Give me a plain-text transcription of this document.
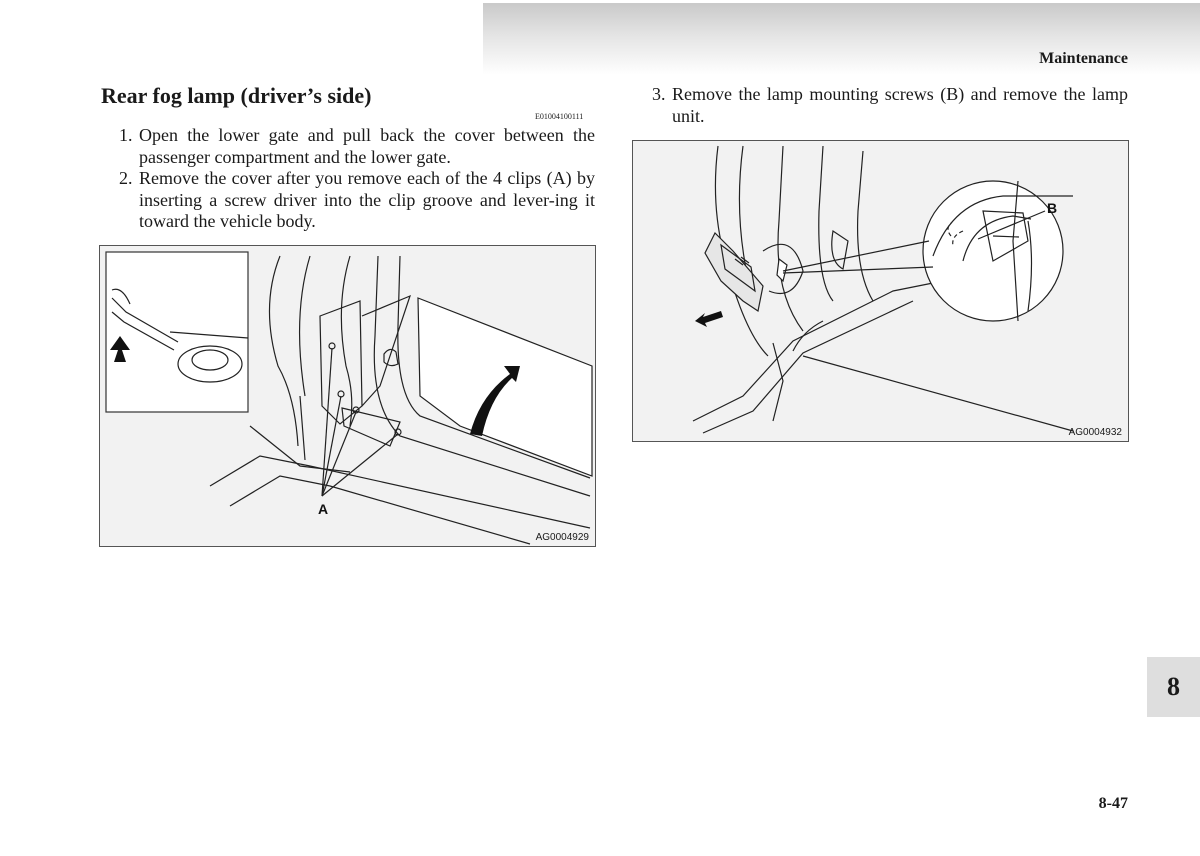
Maintenance
Rear fog lamp (driver’s side)
E01004100111
1. Open the lower gate and pull back the cover between the passenger compartment and the lower gate.
2. Remove the cover after you remove each of the 4 clips (A) by inserting a screw driver into the clip groove and lever-ing it toward the vehicle body.
3. Remove the lamp mounting screws (B) and remove the lamp unit.
A
AG0004929
B
AG0004932
8
8-47
